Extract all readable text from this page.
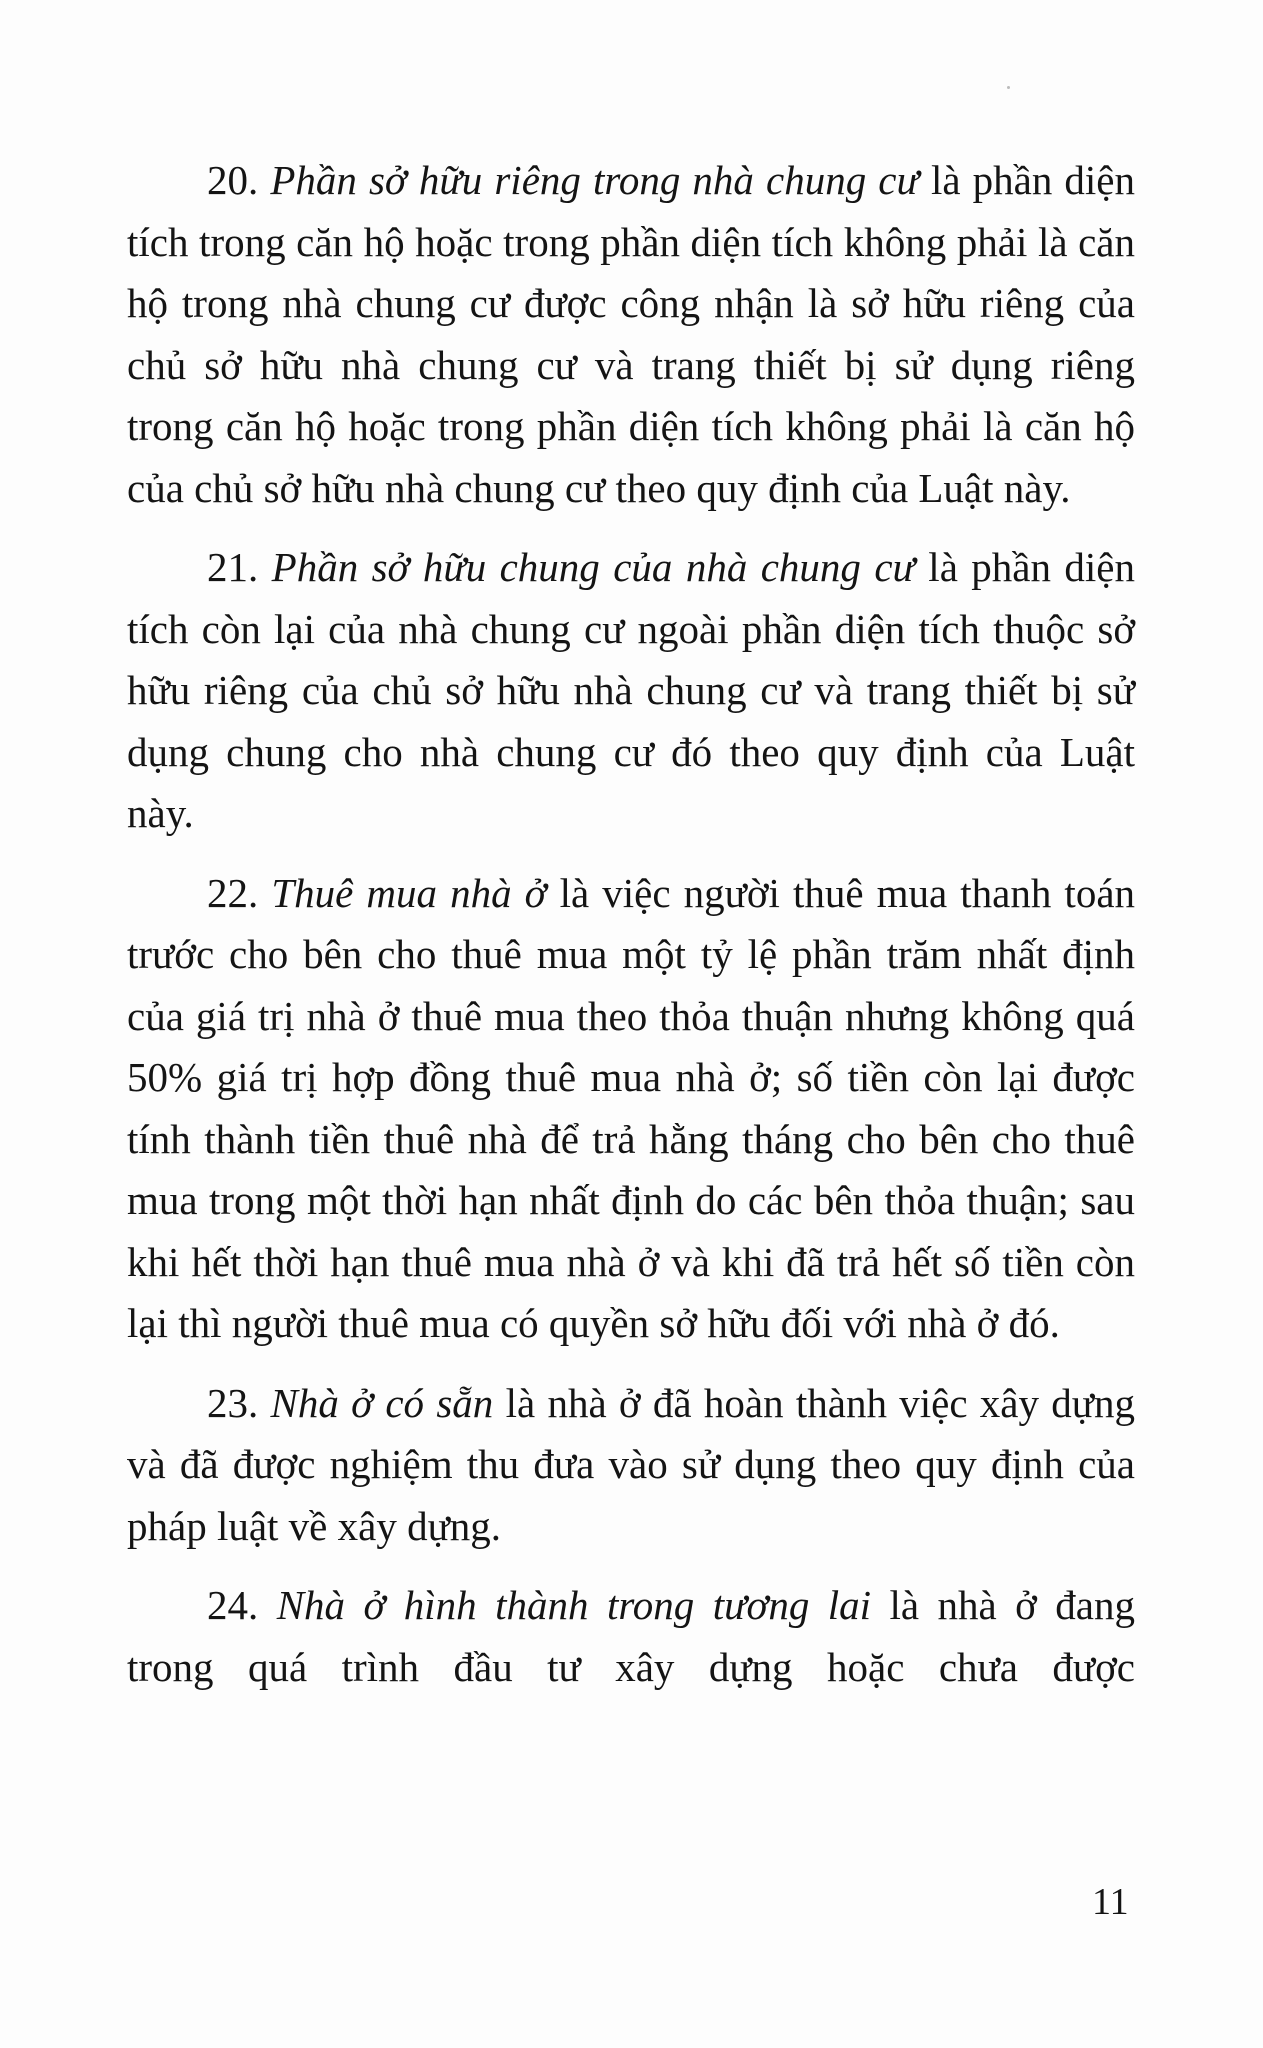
20. Phần sở hữu riêng trong nhà chung cư là phần diện tích trong căn hộ hoặc trong phần diện tích không phải là căn hộ trong nhà chung cư được công nhận là sở hữu riêng của chủ sở hữu nhà chung cư và trang thiết bị sử dụng riêng trong căn hộ hoặc trong phần diện tích không phải là căn hộ của chủ sở hữu nhà chung cư theo quy định của Luật này.

21. Phần sở hữu chung của nhà chung cư là phần diện tích còn lại của nhà chung cư ngoài phần diện tích thuộc sở hữu riêng của chủ sở hữu nhà chung cư và trang thiết bị sử dụng chung cho nhà chung cư đó theo quy định của Luật này.

22. Thuê mua nhà ở là việc người thuê mua thanh toán trước cho bên cho thuê mua một tỷ lệ phần trăm nhất định của giá trị nhà ở thuê mua theo thỏa thuận nhưng không quá 50% giá trị hợp đồng thuê mua nhà ở; số tiền còn lại được tính thành tiền thuê nhà để trả hằng tháng cho bên cho thuê mua trong một thời hạn nhất định do các bên thỏa thuận; sau khi hết thời hạn thuê mua nhà ở và khi đã trả hết số tiền còn lại thì người thuê mua có quyền sở hữu đối với nhà ở đó.

23. Nhà ở có sẵn là nhà ở đã hoàn thành việc xây dựng và đã được nghiệm thu đưa vào sử dụng theo quy định của pháp luật về xây dựng.

24. Nhà ở hình thành trong tương lai là nhà ở đang trong quá trình đầu tư xây dựng hoặc chưa được

11
